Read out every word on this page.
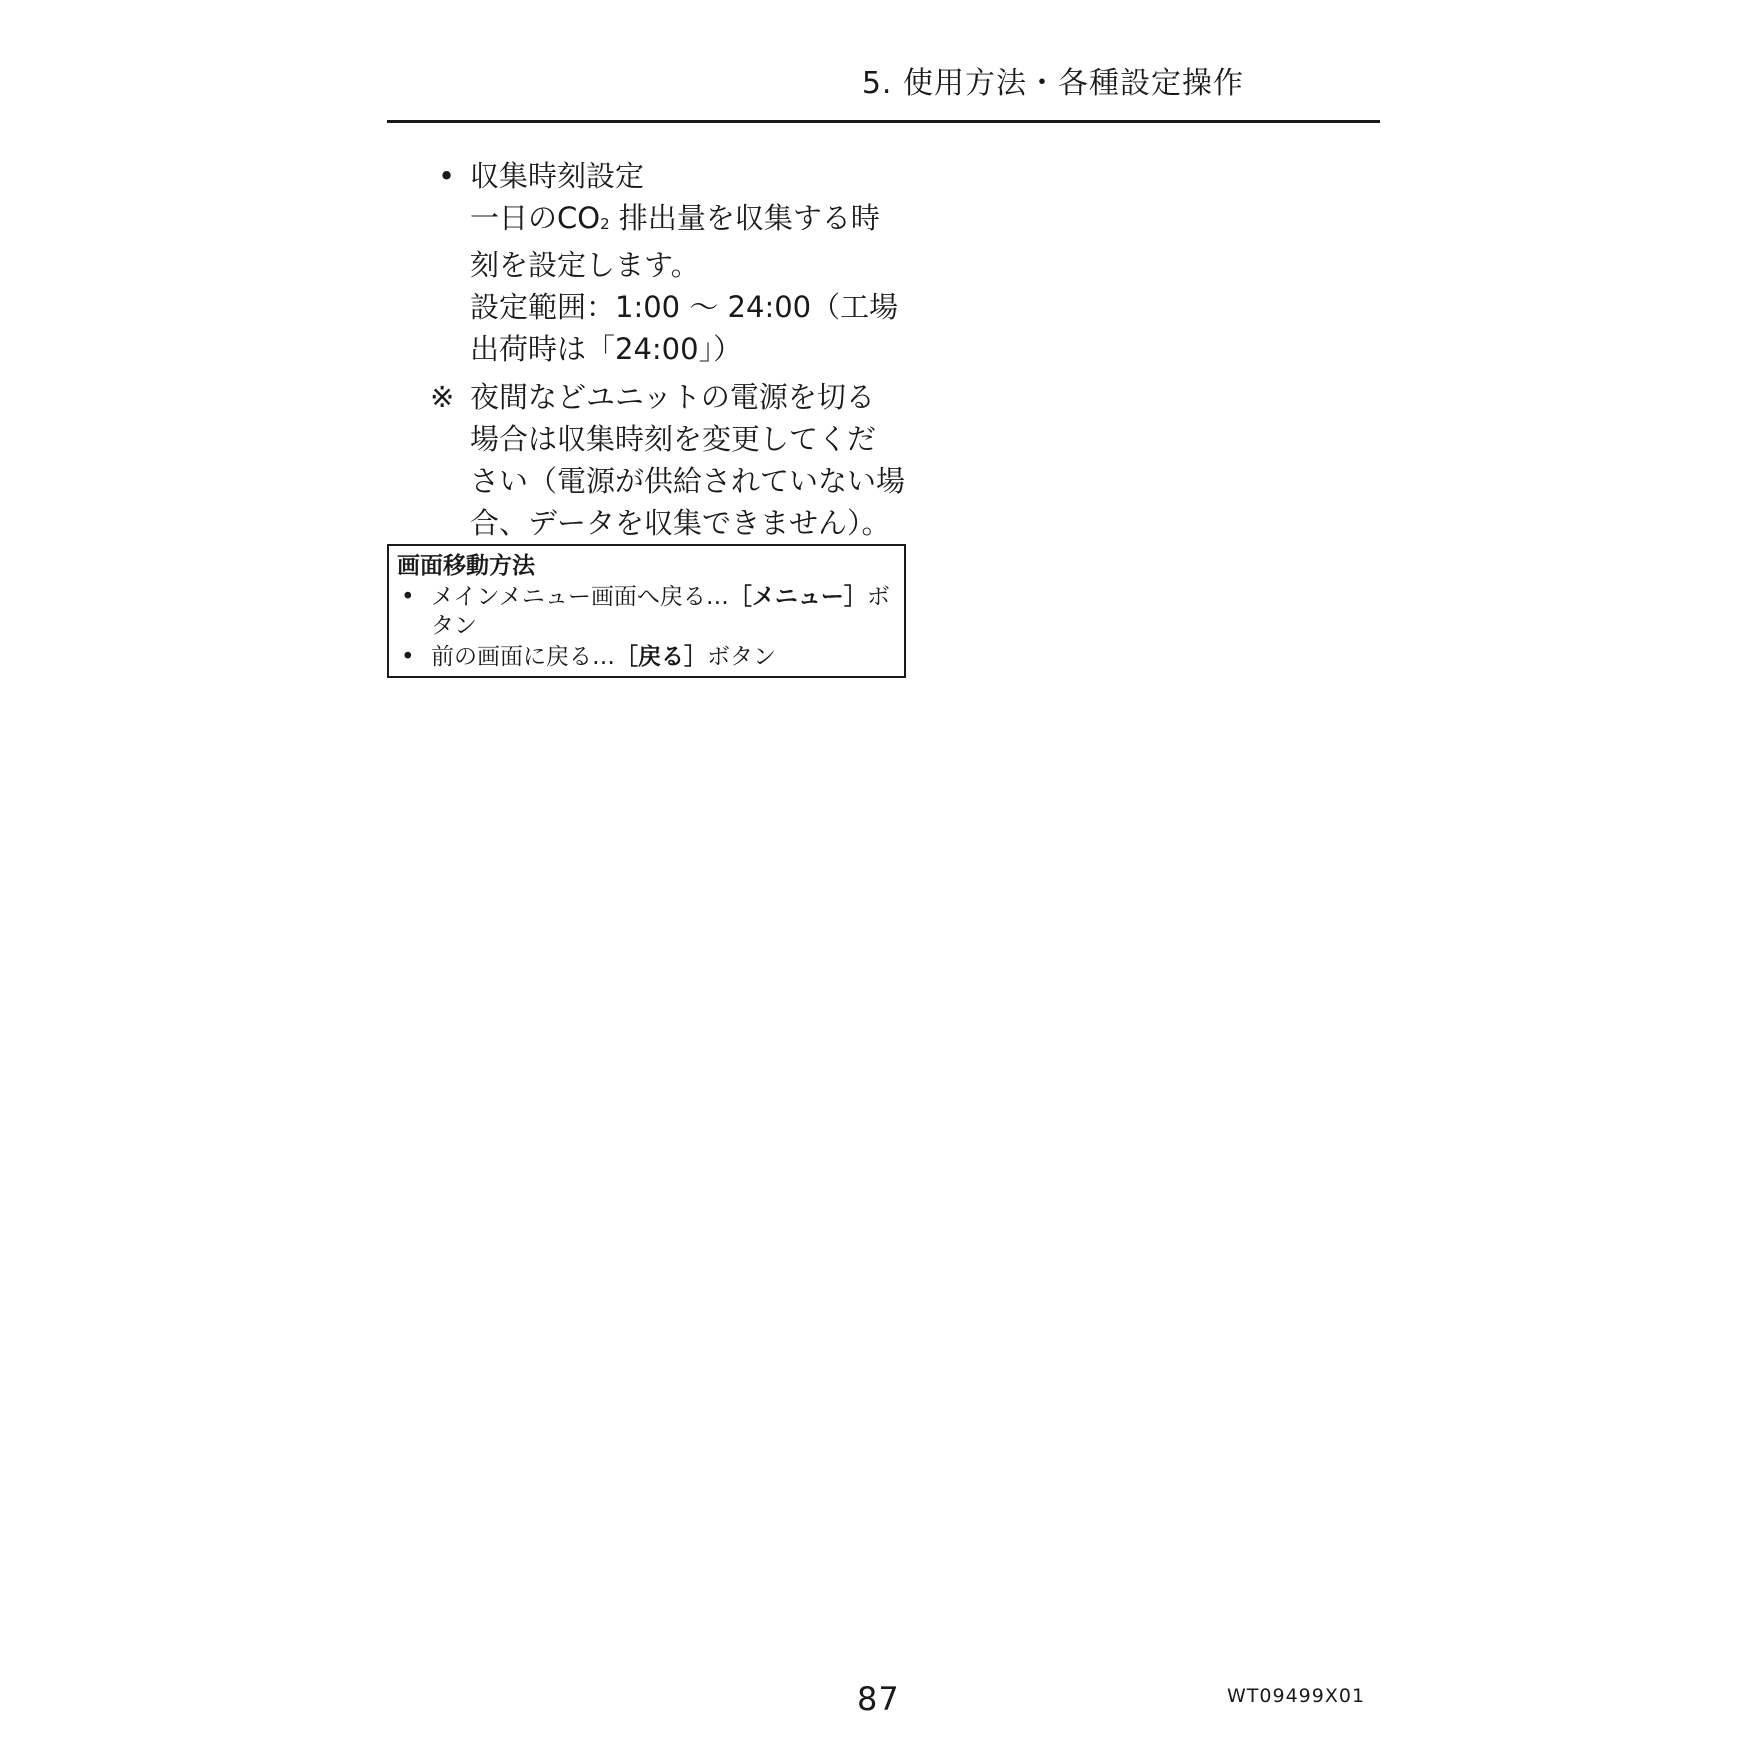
5. 使用方法・各種設定操作
• 収集時刻設定
一日の$CO_2$ 排出量を収集する時
刻を設定します。
設定範囲：1:00 ～ 24:00（工場
出荷時は「24:00」）
※ 夜間などユニットの電源を切る
場合は収集時刻を変更してくだ
さい（電源が供給されていない場
合、データを収集できません）。
画面移動方法
• メインメニュー画面へ戻る…［メニュー］ボ
タン
• 前の画面に戻る…［戻る］ボタン
87	WT09499X01
